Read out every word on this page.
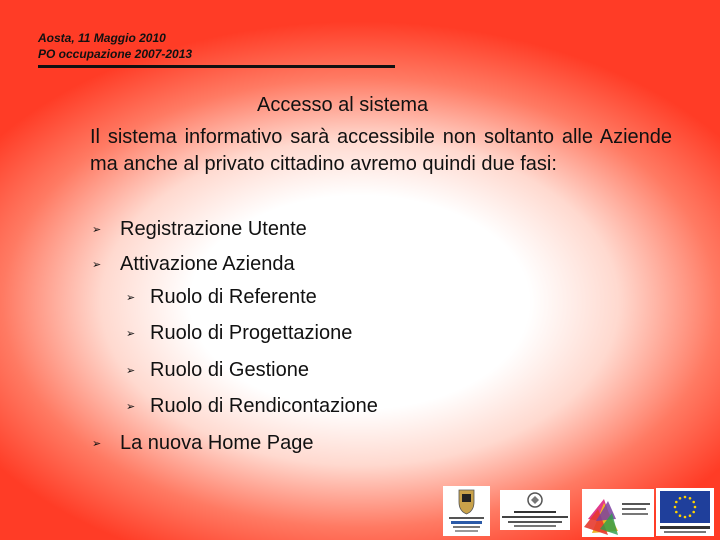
Aosta, 11 Maggio 2010
PO occupazione 2007-2013
Accesso al sistema
Il sistema informativo sarà accessibile non soltanto alle Aziende ma anche al privato cittadino avremo quindi due fasi:
➢ Registrazione Utente
➢ Attivazione Azienda
➢ Ruolo di Referente
➢ Ruolo di Progettazione
➢ Ruolo di Gestione
➢ Ruolo di Rendicontazione
➢ La nuova Home Page
